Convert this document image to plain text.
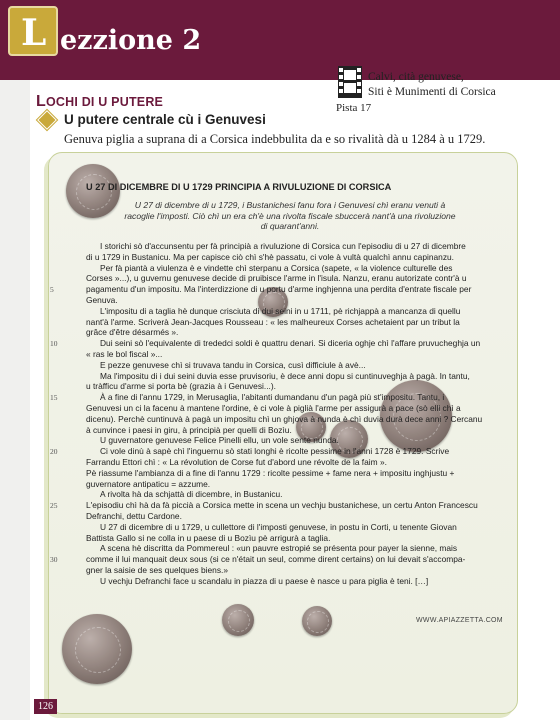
L ezzione 2
Calvi, cità genuvese,
Siti è Munimenti di Corsica
Pista 17
LOCHI DI U PUTERE
U putere centrale cù i Genuvesi
Genuva piglia a suprana di a Corsica indebbulita da e so rivalità dà u 1284 à u 1729.
U 27 DI DICEMBRE DI U 1729 PRINCIPIA A RIVULUZIONE DI CORSICA
U 27 di dicembre di u 1729, i Bustanichesi fanu fora i Genuvesi chì eranu venuti à racoglie l'imposti. Ciò chì un era ch'è una rivolta fiscale sbuccerà nant'à una rivoluzione di quarant'anni.
I storichi sò d'accunsentu per fà principià a rivuluzione di Corsica cun l'episodiu di u 27 di dicembre
di u 1729 in Bustanicu. Ma per capisce ciò chì s'hè passatu, ci vole à vultà qualchì annu capinanzu.
Per fà piantà a viulenza è e vindette chì sterpanu a Corsica (sapete, « la violence culturelle des
Corses »...), u guvernu genuvese decide di pruibisce l'arme in l'isula. Nanzu, eranu autorizate contr'à u
pagamentu d'un impositu. Ma l'interdizzione di u portu d'arme inghjenna una perdita d'entrate fiscale per
Genuva.
L'impositu di a taglia hè dunque crisciuta di dui seini in u 1711, pè richjappà a mancanza di quellu
nant'à l'arme. Scriverà Jean-Jacques Rousseau : « les malheureux Corses achetaient par un tribut la
grâce d'être désarmés ».
Dui seini sò l'equivalente di trededci soldi è quattru denari. Si diceria oghje chì l'affare pruvucheghja un
« ras le bol fiscal »...
E pezze genuvese chì si truvava tandu in Corsica, cusì difficiule à avè...
Ma l'impositu di i dui seini duvia esse pruvisoriu, è dece anni dopu si cuntinuveghja à pagà. In tantu,
u tràfficu d'arme si porta bè (grazia à i Genuvesi...).
À a fine di l'annu 1729, in Merusaglia, l'abitanti dumandanu d'un pagà più st'impositu. Tantu, i
Genuvesi un ci la facenu à mantene l'ordine, è ci vole à piglià l'arme per assigurà a pace (sò elli chì a
dicenu). Perchè cuntinuvà à pagà un impositu chì un ghjova à nunda è chì duvia durà dece anni ? Cercanu
à cunvince i paesi in giru, à principià per quelli di Bozìu.
U guvernatore genuvese Felice Pinelli ellu, un vole sente nunda.
Ci vole dinù à sapè chì l'inguernu sò stati longhi è ricolte pessime in l'anni 1728 è 1729. Scrive
Farrandu Ettori chì : « La révolution de Corse fut d'abord une révolte de la faim ».
Pè riassume l'ambianza di a fine di l'annu 1729 : ricolte pessime + fame nera + impositu inghjustu +
guvernatore antipaticu = azzume.
A rivolta hà da schjattà di dicembre, in Bustanicu.
L'episodiu chì hà da fà piccià a Corsica mette in scena un vechju bustanichese, un certu Anton Francescu
Defranchi, dettu Cardone.
U 27 di dicembre di u 1729, u cullettore di l'imposti genuvese, in postu in Corti, u tenente Giovan
Battista Gallo si ne colla in u paese di u Bozìu pè arrigurà a taglia.
A scena hè discritta da Pommereul : «un pauvre estropié se présenta pour payer la sienne, mais
comme il lui manquait deux sous (si ce n'était un seul, comme dirent certains) on lui devait s'accompa-
gner la saisie de ses quelques biens.»
U vechju Defranchi face u scandalu in piazza di u paese è nasce u para piglia è teni. […]
5
10
15
20
25
30
WWW.APIAZZETTA.COM
126
